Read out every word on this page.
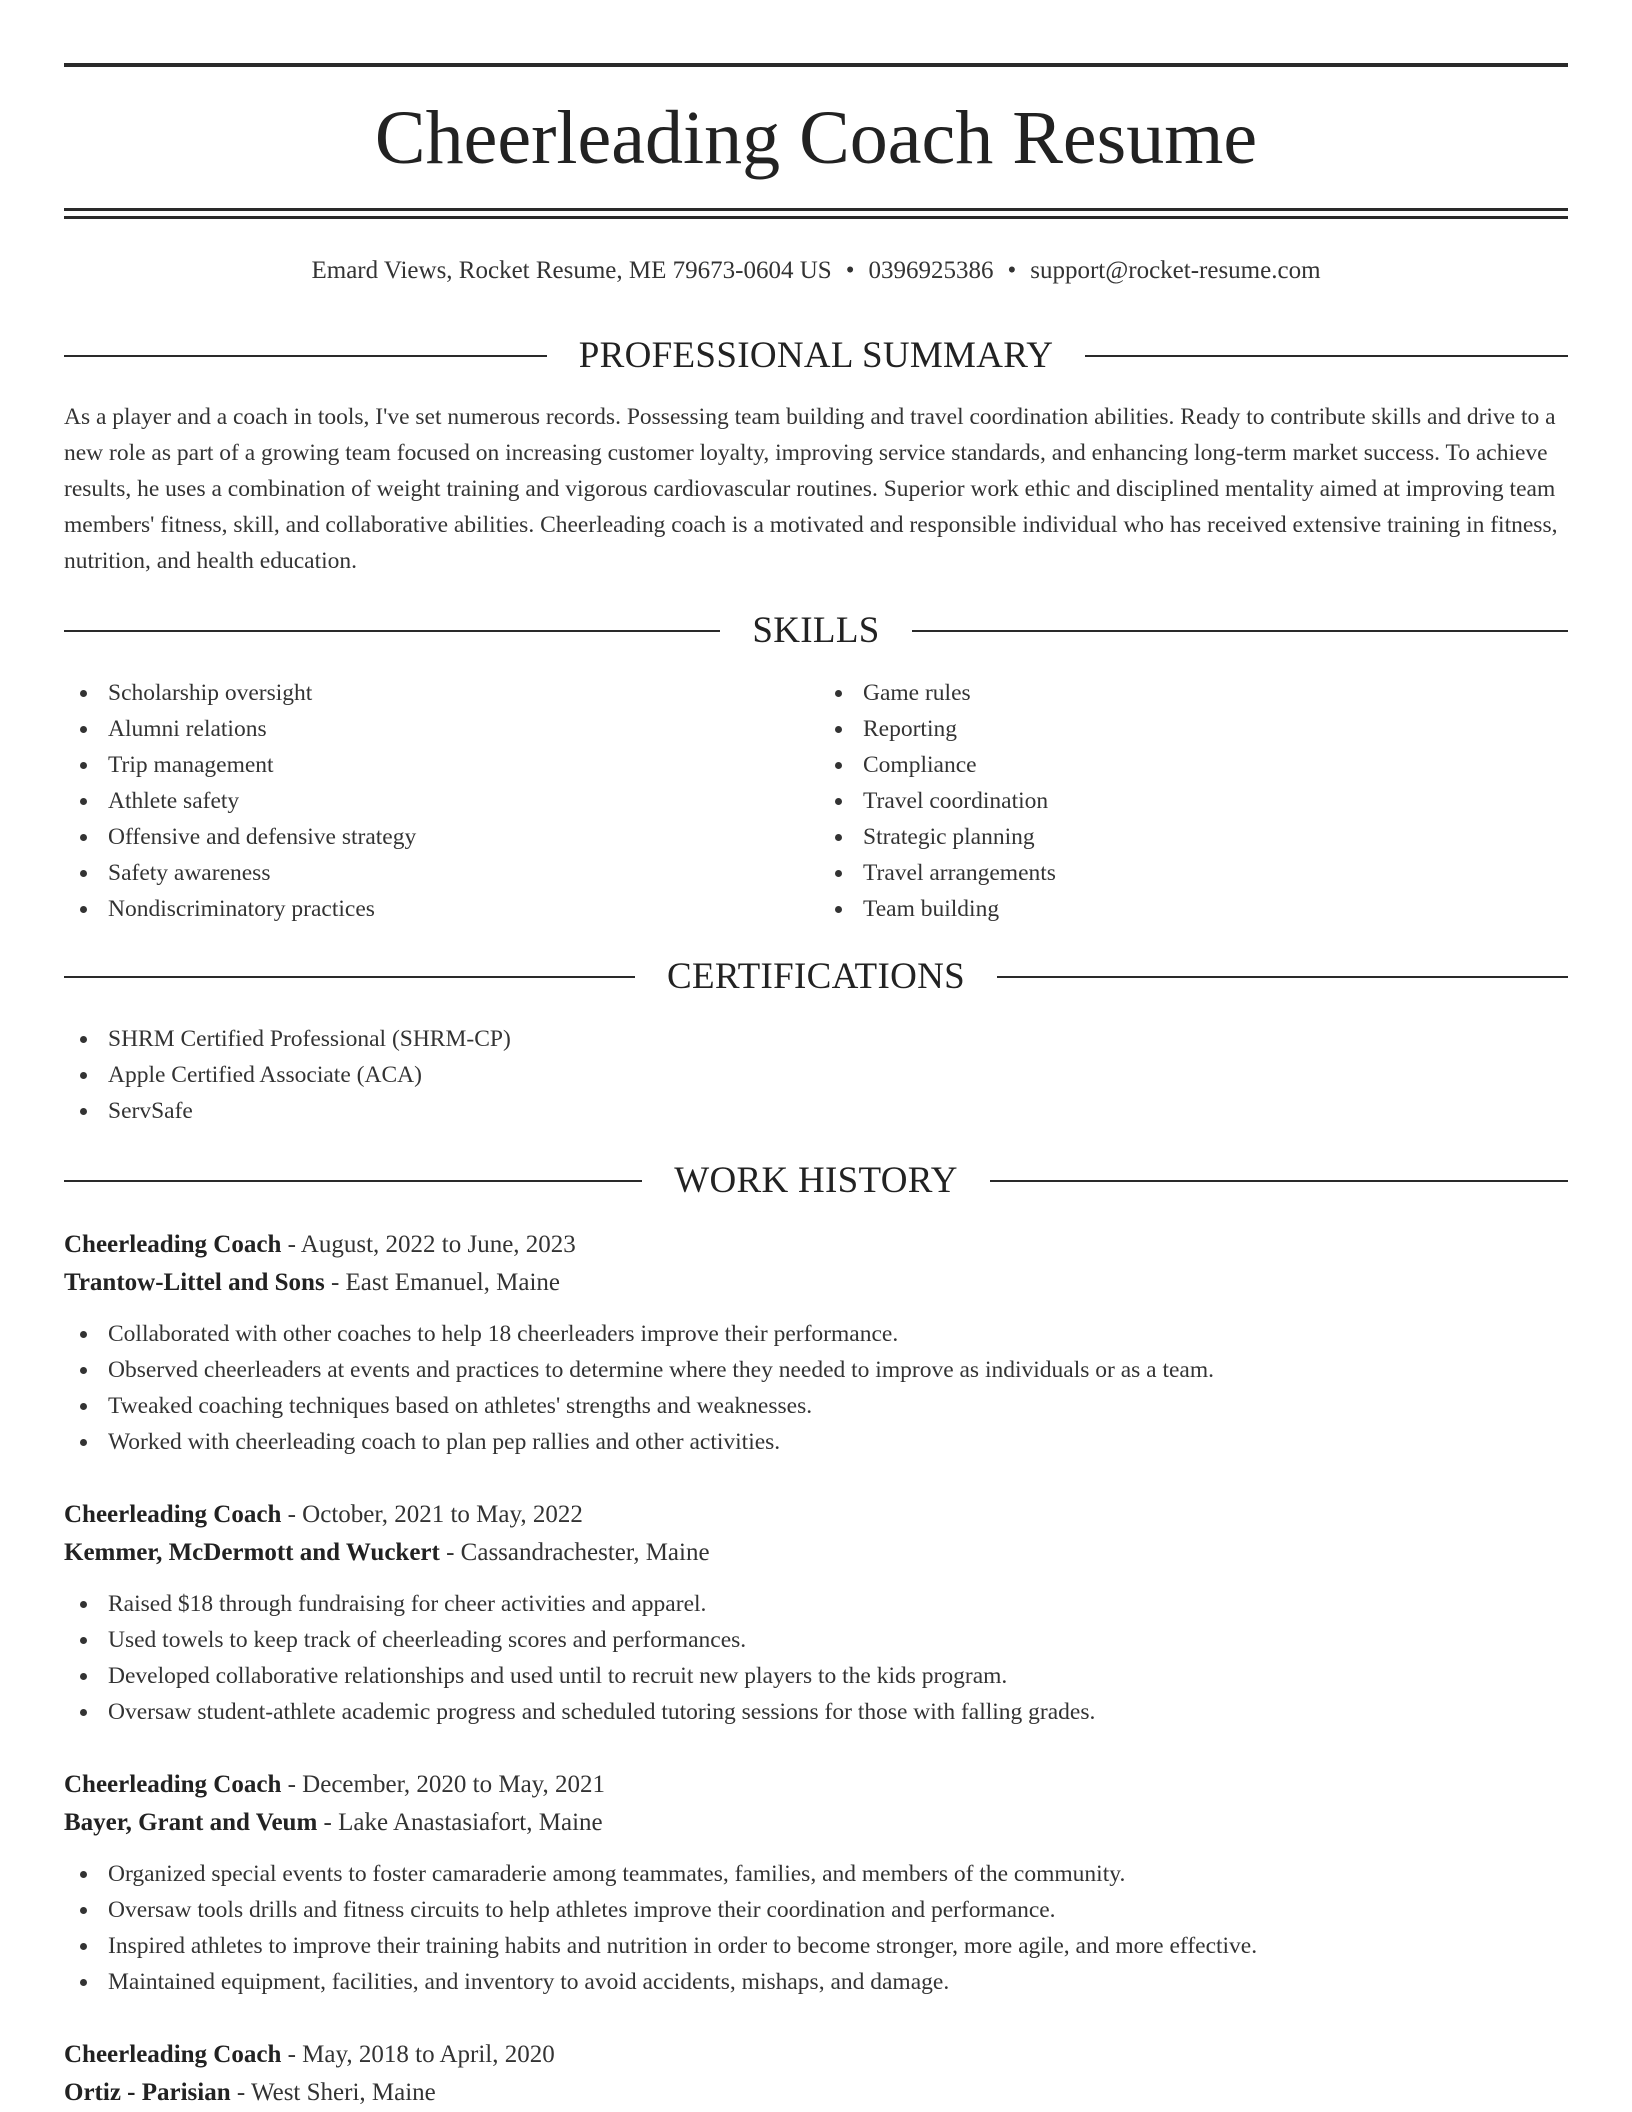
Cheerleading Coach Resume
Emard Views, Rocket Resume, ME 79673-0604 US • 0396925386 • support@rocket-resume.com
PROFESSIONAL SUMMARY

As a player and a coach in tools, I've set numerous records. Possessing team building and travel coordination abilities. Ready to contribute skills and drive to a new role as part of a growing team focused on increasing customer loyalty, improving service standards, and enhancing long-term market success. To achieve results, he uses a combination of weight training and vigorous cardiovascular routines. Superior work ethic and disciplined mentality aimed at improving team members' fitness, skill, and collaborative abilities. Cheerleading coach is a motivated and responsible individual who has received extensive training in fitness, nutrition, and health education.

SKILLS
Scholarship oversight
Alumni relations
Trip management
Athlete safety
Offensive and defensive strategy
Safety awareness
Nondiscriminatory practices
Game rules
Reporting
Compliance
Travel coordination
Strategic planning
Travel arrangements
Team building
CERTIFICATIONS
SHRM Certified Professional (SHRM-CP)
Apple Certified Associate (ACA)
ServSafe
WORK HISTORY
Cheerleading Coach - August, 2022 to June, 2023
Trantow-Littel and Sons - East Emanuel, Maine
Collaborated with other coaches to help 18 cheerleaders improve their performance.
Observed cheerleaders at events and practices to determine where they needed to improve as individuals or as a team.
Tweaked coaching techniques based on athletes' strengths and weaknesses.
Worked with cheerleading coach to plan pep rallies and other activities.
Cheerleading Coach - October, 2021 to May, 2022
Kemmer, McDermott and Wuckert - Cassandrachester, Maine
Raised $18 through fundraising for cheer activities and apparel.
Used towels to keep track of cheerleading scores and performances.
Developed collaborative relationships and used until to recruit new players to the kids program.
Oversaw student-athlete academic progress and scheduled tutoring sessions for those with falling grades.
Cheerleading Coach - December, 2020 to May, 2021
Bayer, Grant and Veum - Lake Anastasiafort, Maine
Organized special events to foster camaraderie among teammates, families, and members of the community.
Oversaw tools drills and fitness circuits to help athletes improve their coordination and performance.
Inspired athletes to improve their training habits and nutrition in order to become stronger, more agile, and more effective.
Maintained equipment, facilities, and inventory to avoid accidents, mishaps, and damage.
Cheerleading Coach - May, 2018 to April, 2020
Ortiz - Parisian - West Sheri, Maine
